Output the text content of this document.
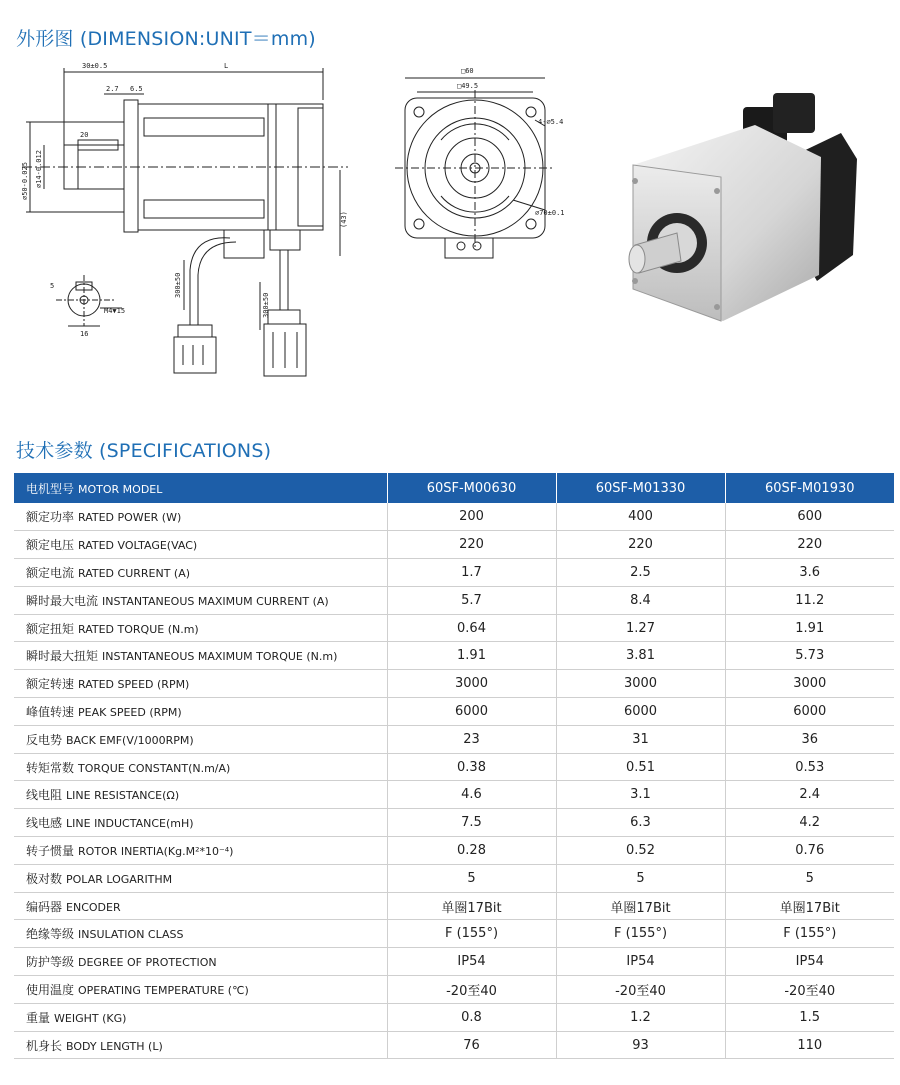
外形图 (DIMENSION:UNIT＝mm)
30±0.5	L
2.7 6.5
20
⌀50-0.025 ⌀14-0.012
(43)
300±50
300±50
5
M4▼15
16
□60
□49.5
4-⌀5.4
⌀70±0.1
技术参数 (SPECIFICATIONS)
电机型号 MOTOR MODEL	60SF-M00630	60SF-M01330	60SF-M01930
额定功率 RATED POWER (W)	200	400	600
额定电压 RATED VOLTAGE(VAC)	220	220	220
额定电流 RATED CURRENT (A)	1.7	2.5	3.6
瞬时最大电流 INSTANTANEOUS MAXIMUM CURRENT (A)	5.7	8.4	11.2
额定扭矩 RATED TORQUE (N.m)	0.64	1.27	1.91
瞬时最大扭矩 INSTANTANEOUS MAXIMUM TORQUE (N.m)	1.91	3.81	5.73
额定转速 RATED SPEED (RPM)	3000	3000	3000
峰值转速 PEAK SPEED (RPM)	6000	6000	6000
反电势 BACK EMF(V/1000RPM)	23	31	36
转矩常数 TORQUE CONSTANT(N.m/A)	0.38	0.51	0.53
线电阻 LINE RESISTANCE(Ω)	4.6	3.1	2.4
线电感 LINE INDUCTANCE(mH)	7.5	6.3	4.2
转子惯量 ROTOR INERTIA(Kg.M²*10⁻⁴)	0.28	0.52	0.76
极对数 POLAR LOGARITHM	5	5	5
编码器 ENCODER	单圈17Bit	单圈17Bit	单圈17Bit
绝缘等级 INSULATION CLASS	F (155°)	F (155°)	F (155°)
防护等级 DEGREE OF PROTECTION	IP54	IP54	IP54
使用温度 OPERATING TEMPERATURE (℃)	-20至40	-20至40	-20至40
重量 WEIGHT (KG)	0.8	1.2	1.5
机身长 BODY LENGTH (L)	76	93	110
